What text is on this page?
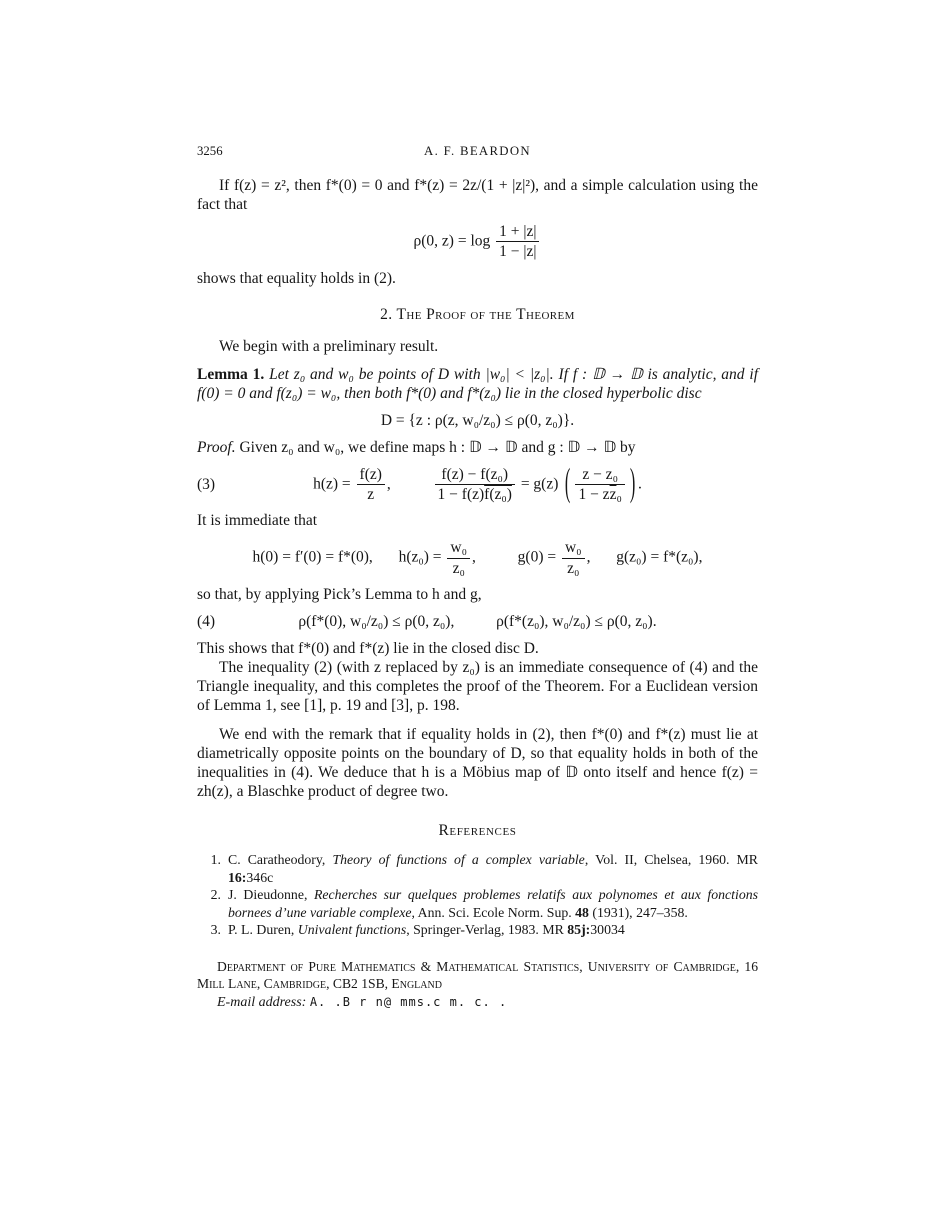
3256	A. F. BEARDON

If f(z) = z², then f*(0) = 0 and f*(z) = 2z/(1 + |z|²), and a simple calculation using the fact that

ρ(0, $z) = \log \frac{1 + |z|}{1 - |z|}$

shows that equality holds in (2).

2. The Proof of the Theorem

We begin with a preliminary result.

Lemma 1. Let z₀ and w₀ be points of D with |w₀| < |z₀|. If f : 𝔻 → 𝔻 is analytic, and if f(0) = 0 and f(z₀) = w₀, then both f*(0) and f*(z₀) lie in the closed hyperbolic disc

D = {z : ρ(z, w₀/z₀) ≤ ρ(0, z₀)}.

Proof. Given z₀ and w₀, we define maps h : 𝔻 → 𝔻 and g : 𝔻 → 𝔻 by

(3)	$h(z) = \frac{f(z)}{z}$ ,	$\frac{\text{f(z) − f(z₀)}}{\text{1 − f(z)f(z₀)}} = g(z)$ ( $\frac{\text{z − z₀}}{1 - z\overline{z}_0}$ ) .

It is immediate that

h(0) = f′(0) = f*(0), $h(z_0) = \frac{\text{w₀}}{\text{z₀}}$ ,	$g(0) = \frac{\text{w₀}}{\text{z₀}}$ , g(z₀) = f*(z₀),

so that, by applying Pick’s Lemma to h and g,

(4)	ρ(f*(0), w₀/z₀) ≤ ρ(0, z₀),	ρ(f*(z₀), w₀/z₀) ≤ ρ(0, z₀).

This shows that f*(0) and f*(z) lie in the closed disc D.

The inequality (2) (with z replaced by z₀) is an immediate consequence of (4) and the Triangle inequality, and this completes the proof of the Theorem. For a Euclidean version of Lemma 1, see [1], p. 19 and [3], p. 198.

We end with the remark that if equality holds in (2), then f*(0) and f*(z) must lie at diametrically opposite points on the boundary of D, so that equality holds in both of the inequalities in (4). We deduce that h is a Möbius map of 𝔻 onto itself and hence f(z) = zh(z), a Blaschke product of degree two.

References
1. C. Caratheodory, Theory of functions of a complex variable, Vol. II, Chelsea, 1960. MR 16:346c
2. J. Dieudonne, Recherches sur quelques problemes relatifs aux polynomes et aux fonctions bornees d’une variable complexe, Ann. Sci. Ecole Norm. Sup. 48 (1931), 247–358.
3. P. L. Duren, Univalent functions, Springer-Verlag, 1983. MR 85j:30034

Department of Pure Mathematics & Mathematical Statistics, University of Cambridge, 16 Mill Lane, Cambridge, CB2 1SB, England

E-mail address: A. .B r n@ mms.c m. c. .
